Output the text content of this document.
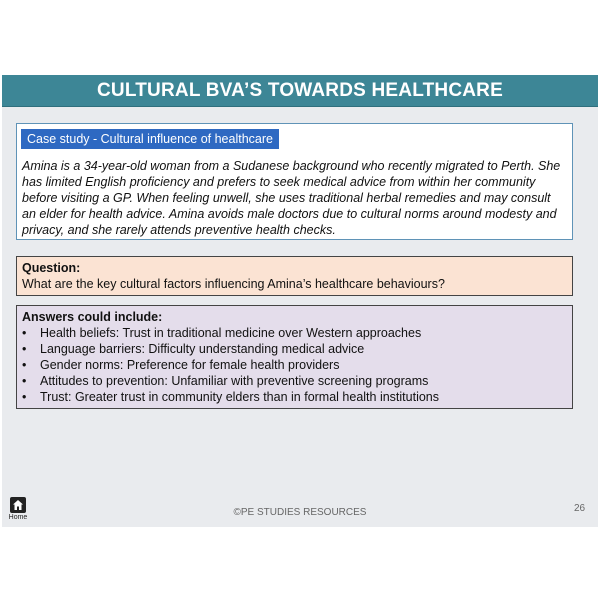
CULTURAL BVA’S TOWARDS HEALTHCARE
Case study - Cultural influence of healthcare
Amina is a 34-year-old woman from a Sudanese background who recently migrated to Perth. She has limited English proficiency and prefers to seek medical advice from within her community before visiting a GP. When feeling unwell, she uses traditional herbal remedies and may consult an elder for health advice. Amina avoids male doctors due to cultural norms around modesty and privacy, and she rarely attends preventive health checks.
Question:
What are the key cultural factors influencing Amina’s healthcare behaviours?
Answers could include:
• Health beliefs: Trust in traditional medicine over Western approaches
• Language barriers: Difficulty understanding medical advice
• Gender norms: Preference for female health providers
• Attitudes to prevention: Unfamiliar with preventive screening programs
• Trust: Greater trust in community elders than in formal health institutions
Home	©PE STUDIES RESOURCES	26
